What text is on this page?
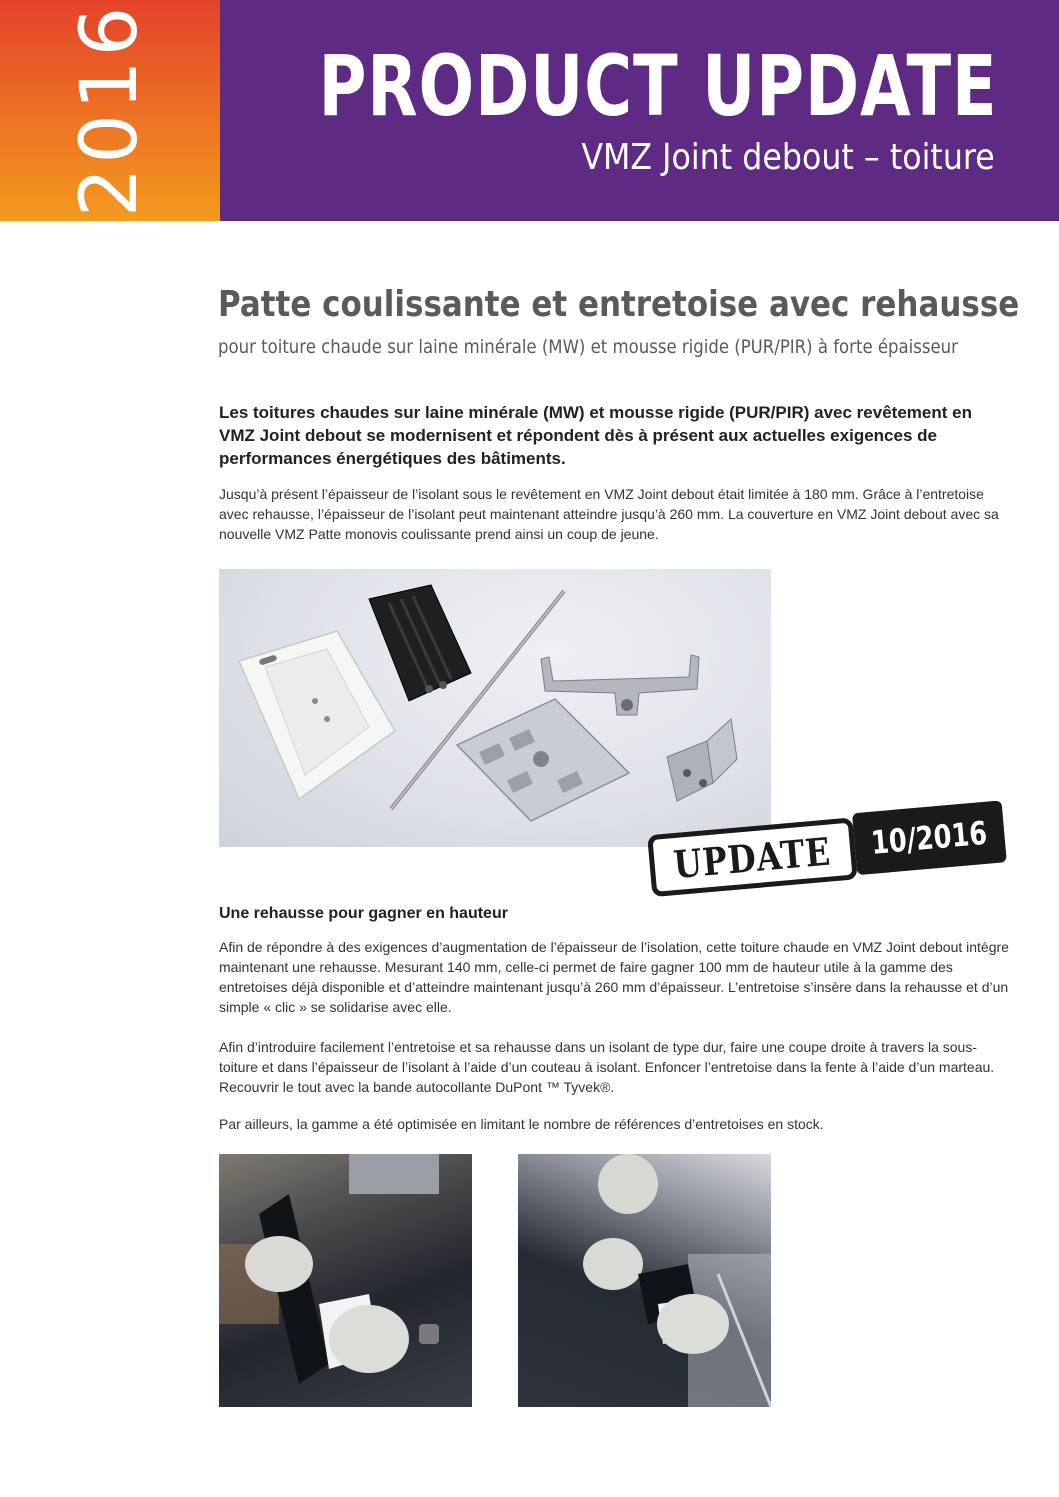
2016 PRODUCT UPDATE
VMZ Joint debout – toiture
Patte coulissante et entretoise avec rehausse
pour toiture chaude sur laine minérale (MW) et mousse rigide (PUR/PIR) à forte épaisseur

Les toitures chaudes sur laine minérale (MW) et mousse rigide (PUR/PIR) avec revêtement en VMZ Joint debout se modernisent et répondent dès à présent aux actuelles exigences de performances énergétiques des bâtiments.

Jusqu’à présent l’épaisseur de l’isolant sous le revêtement en VMZ Joint debout était limitée à 180 mm. Grâce à l’entretoise avec rehausse, l’épaisseur de l’isolant peut maintenant atteindre jusqu’à 260 mm. La couverture en VMZ Joint debout avec sa nouvelle VMZ Patte monovis coulissante prend ainsi un coup de jeune.

UPDATE 10/2016
Une rehausse pour gagner en hauteur

Afin de répondre à des exigences d’augmentation de l’épaisseur de l’isolation, cette toiture chaude en VMZ Joint debout intègre maintenant une rehausse. Mesurant 140 mm, celle-ci permet de faire gagner 100 mm de hauteur utile à la gamme des entretoises déjà disponible et d’atteindre maintenant jusqu’à 260 mm d’épaisseur. L’entretoise s’insère dans la rehausse et d’un simple « clic » se solidarise avec elle.

Afin d’introduire facilement l’entretoise et sa rehausse dans un isolant de type dur, faire une coupe droite à travers la sous-toiture et dans l’épaisseur de l’isolant à l’aide d’un couteau à isolant. Enfoncer l’entretoise dans la fente à l’aide d’un marteau. Recouvrir le tout avec la bande autocollante DuPont ™ Tyvek®.

Par ailleurs, la gamme a été optimisée en limitant le nombre de références d’entretoises en stock.
